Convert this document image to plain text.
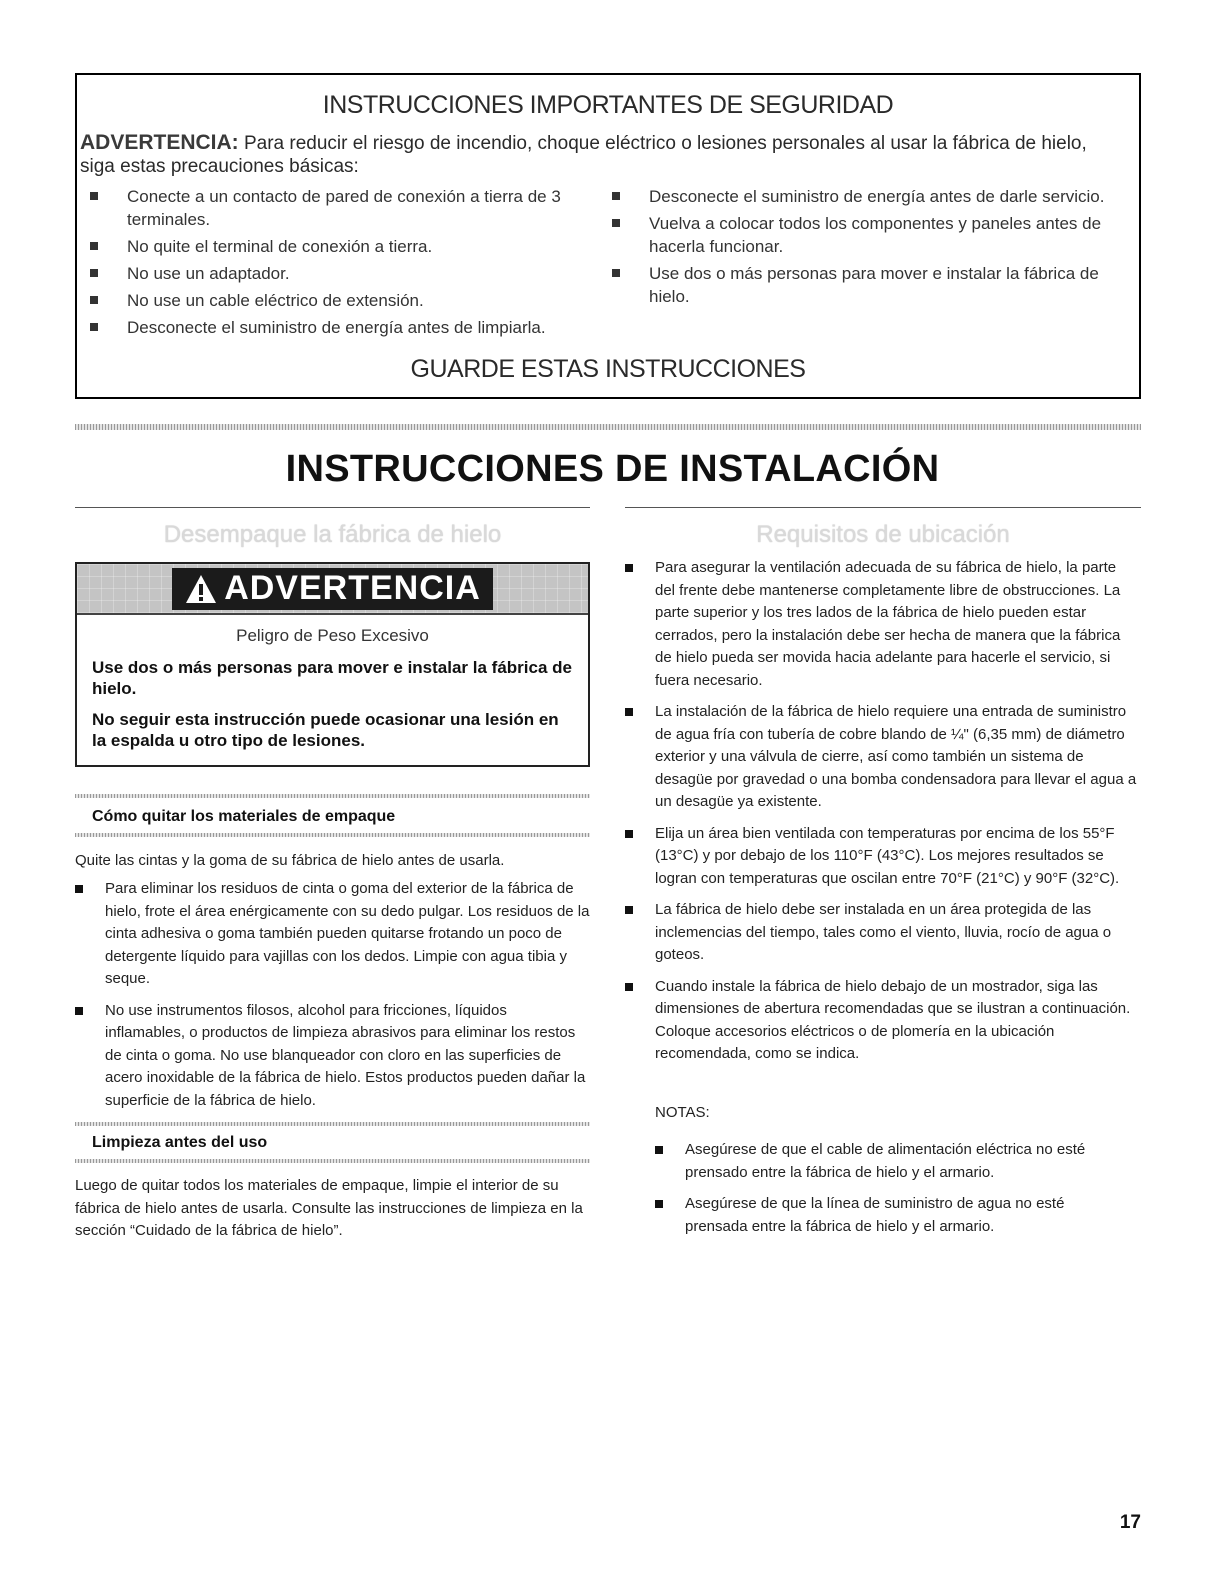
INSTRUCCIONES IMPORTANTES DE SEGURIDAD
ADVERTENCIA: Para reducir el riesgo de incendio, choque eléctrico o lesiones personales al usar la fábrica de hielo, siga estas precauciones básicas:
Conecte a un contacto de pared de conexión a tierra de 3 terminales.
No quite el terminal de conexión a tierra.
No use un adaptador.
No use un cable eléctrico de extensión.
Desconecte el suministro de energía antes de limpiarla.
Desconecte el suministro de energía antes de darle servicio.
Vuelva a colocar todos los componentes y paneles antes de hacerla funcionar.
Use dos o más personas para mover e instalar la fábrica de hielo.
GUARDE ESTAS INSTRUCCIONES
INSTRUCCIONES DE INSTALACIÓN
Desempaque la fábrica de hielo
ADVERTENCIA
Peligro de Peso Excesivo
Use dos o más personas para mover e instalar la fábrica de hielo.
No seguir esta instrucción puede ocasionar una lesión en la espalda u otro tipo de lesiones.
Cómo quitar los materiales de empaque
Quite las cintas y la goma de su fábrica de hielo antes de usarla.
Para eliminar los residuos de cinta o goma del exterior de la fábrica de hielo, frote el área enérgicamente con su dedo pulgar. Los residuos de la cinta adhesiva o goma también pueden quitarse frotando un poco de detergente líquido para vajillas con los dedos. Limpie con agua tibia y seque.
No use instrumentos filosos, alcohol para fricciones, líquidos inflamables, o productos de limpieza abrasivos para eliminar los restos de cinta o goma. No use blanqueador con cloro en las superficies de acero inoxidable de la fábrica de hielo. Estos productos pueden dañar la superficie de la fábrica de hielo.
Limpieza antes del uso
Luego de quitar todos los materiales de empaque, limpie el interior de su fábrica de hielo antes de usarla. Consulte las instrucciones de limpieza en la sección “Cuidado de la fábrica de hielo”.
Requisitos de ubicación
Para asegurar la ventilación adecuada de su fábrica de hielo, la parte del frente debe mantenerse completamente libre de obstrucciones. La parte superior y los tres lados de la fábrica de hielo pueden estar cerrados, pero la instalación debe ser hecha de manera que la fábrica de hielo pueda ser movida hacia adelante para hacerle el servicio, si fuera necesario.
La instalación de la fábrica de hielo requiere una entrada de suministro de agua fría con tubería de cobre blando de ¼" (6,35 mm) de diámetro exterior y una válvula de cierre, así como también un sistema de desagüe por gravedad o una bomba condensadora para llevar el agua a un desagüe ya existente.
Elija un área bien ventilada con temperaturas por encima de los 55°F (13°C) y por debajo de los 110°F (43°C). Los mejores resultados se logran con temperaturas que oscilan entre 70°F (21°C) y 90°F (32°C).
La fábrica de hielo debe ser instalada en un área protegida de las inclemencias del tiempo, tales como el viento, lluvia, rocío de agua o goteos.
Cuando instale la fábrica de hielo debajo de un mostrador, siga las dimensiones de abertura recomendadas que se ilustran a continuación. Coloque accesorios eléctricos o de plomería en la ubicación recomendada, como se indica.
NOTAS:
Asegúrese de que el cable de alimentación eléctrica no esté prensado entre la fábrica de hielo y el armario.
Asegúrese de que la línea de suministro de agua no esté prensada entre la fábrica de hielo y el armario.
17
